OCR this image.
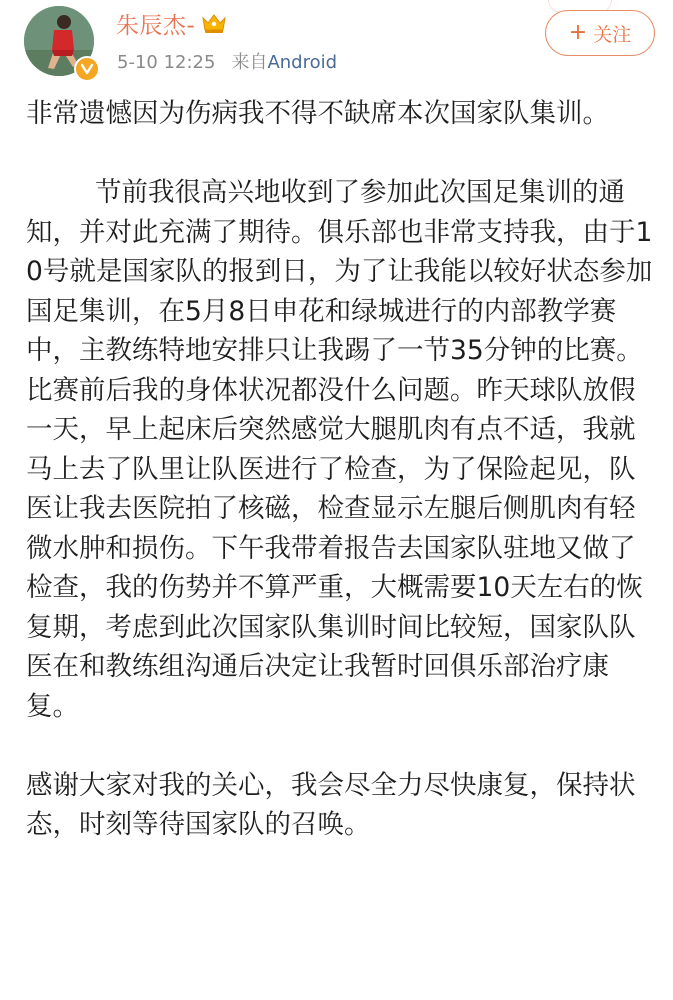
朱辰杰-
5-10 12:25 来自Android
+ 关注

非常遗憾因为伤病我不得不缺席本次国家队集训。

节前我很高兴地收到了参加此次国足集训的通知，并对此充满了期待。俱乐部也非常支持我，由于10号就是国家队的报到日，为了让我能以较好状态参加国足集训，在5月8日申花和绿城进行的内部教学赛中，主教练特地安排只让我踢了一节35分钟的比赛。比赛前后我的身体状况都没什么问题。昨天球队放假一天，早上起床后突然感觉大腿肌肉有点不适，我就马上去了队里让队医进行了检查，为了保险起见，队医让我去医院拍了核磁，检查显示左腿后侧肌肉有轻微水肿和损伤。下午我带着报告去国家队驻地又做了检查，我的伤势并不算严重，大概需要10天左右的恢复期，考虑到此次国家队集训时间比较短，国家队队医在和教练组沟通后决定让我暂时回俱乐部治疗康复。

感谢大家对我的关心，我会尽全力尽快康复，保持状态，时刻等待国家队的召唤。
